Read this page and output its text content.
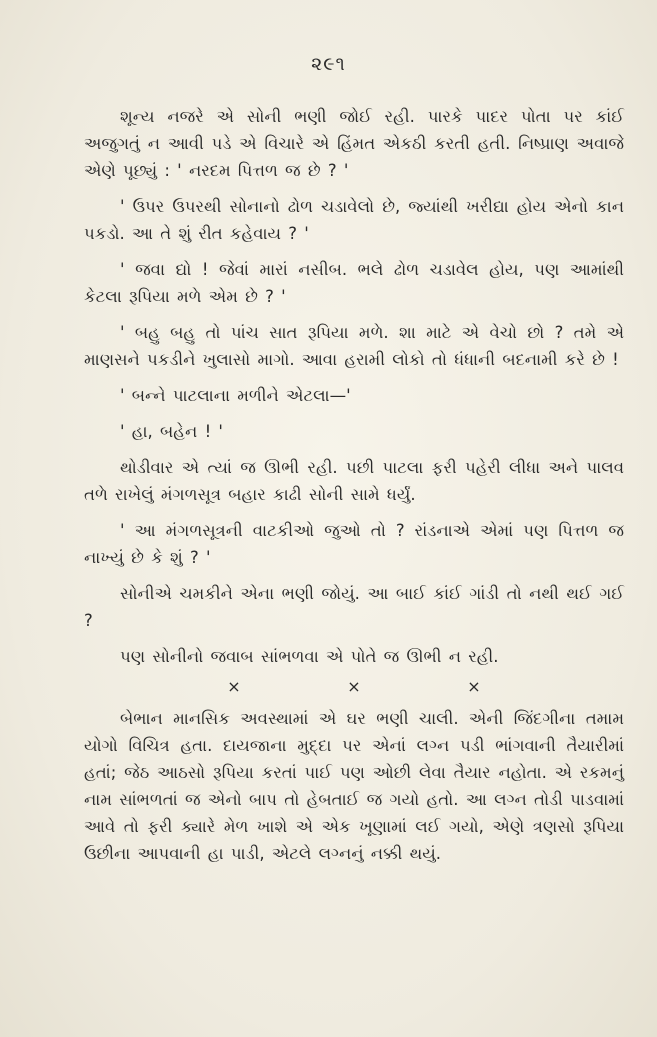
૨૯૧

શૂન્ય નજરે એ સોની ભણી જોઈ રહી. પારકે પાદર પોતા પર કાંઈ અજુગતું ન આવી પડે એ વિચારે એ હિંમત એકઠી કરતી હતી. નિષ્પ્રાણ અવાજે એણે પૂછ્યું : ' નરદમ પિત્તળ જ છે ? '

' ઉપર ઉપરથી સોનાનો ઢોળ ચડાવેલો છે, જ્યાંથી ખરીદ્યા હોય એનો કાન પકડો. આ તે શું રીત કહેવાય ? '

' જવા દ્યો ! જેવાં મારાં નસીબ. ભલે ઢોળ ચડાવેલ હોય, પણ આમાંથી કેટલા રૂપિયા મળે એમ છે ? '

' બહુ બહુ તો પાંચ સાત રૂપિયા મળે. શા માટે એ વેચો છો ? તમે એ માણસને પકડીને ખુલાસો માગો. આવા હરામી લોકો તો ધંધાની બદનામી કરે છે !

' બન્ને પાટલાના મળીને એટલા—'

' હા, બહેન ! '

થોડીવાર એ ત્યાં જ ઊભી રહી. પછી પાટલા ફરી પહેરી લીધા અને પાલવ તળે રાખેલું મંગળસૂત્ર બહાર કાઢી સોની સામે ધર્યું.

' આ મંગળસૂત્રની વાટકીઓ જુઓ તો ? રાંડનાએ એમાં પણ પિત્તળ જ નાખ્યું છે કે શું ? '

સોનીએ ચમકીને એના ભણી જોયું. આ બાઈ કાંઈ ગાંડી તો નથી થઈ ગઈ ?

પણ સોનીનો જવાબ સાંભળવા એ પોતે જ ઊભી ન રહી.

×	×	×

બેભાન માનસિક અવસ્થામાં એ ઘર ભણી ચાલી. એની જિંદગીના તમામ યોગો વિચિત્ર હતા. દાયજાના મુદ્દા પર એનાં લગ્ન પડી ભાંગવાની તૈયારીમાં હતાં; જેઠ આઠસો રૂપિયા કરતાં પાઈ પણ ઓછી લેવા તૈયાર નહોતા. એ રકમનું નામ સાંભળતાં જ એનો બાપ તો હેબતાઈ જ ગયો હતો. આ લગ્ન તોડી પાડવામાં આવે તો ફરી ક્યારે મેળ ખાશે એ એક ખૂણામાં લઈ ગયો, એણે ત્રણસો રૂપિયા ઉછીના આપવાની હા પાડી, એટલે લગ્નનું નક્કી થયું.
